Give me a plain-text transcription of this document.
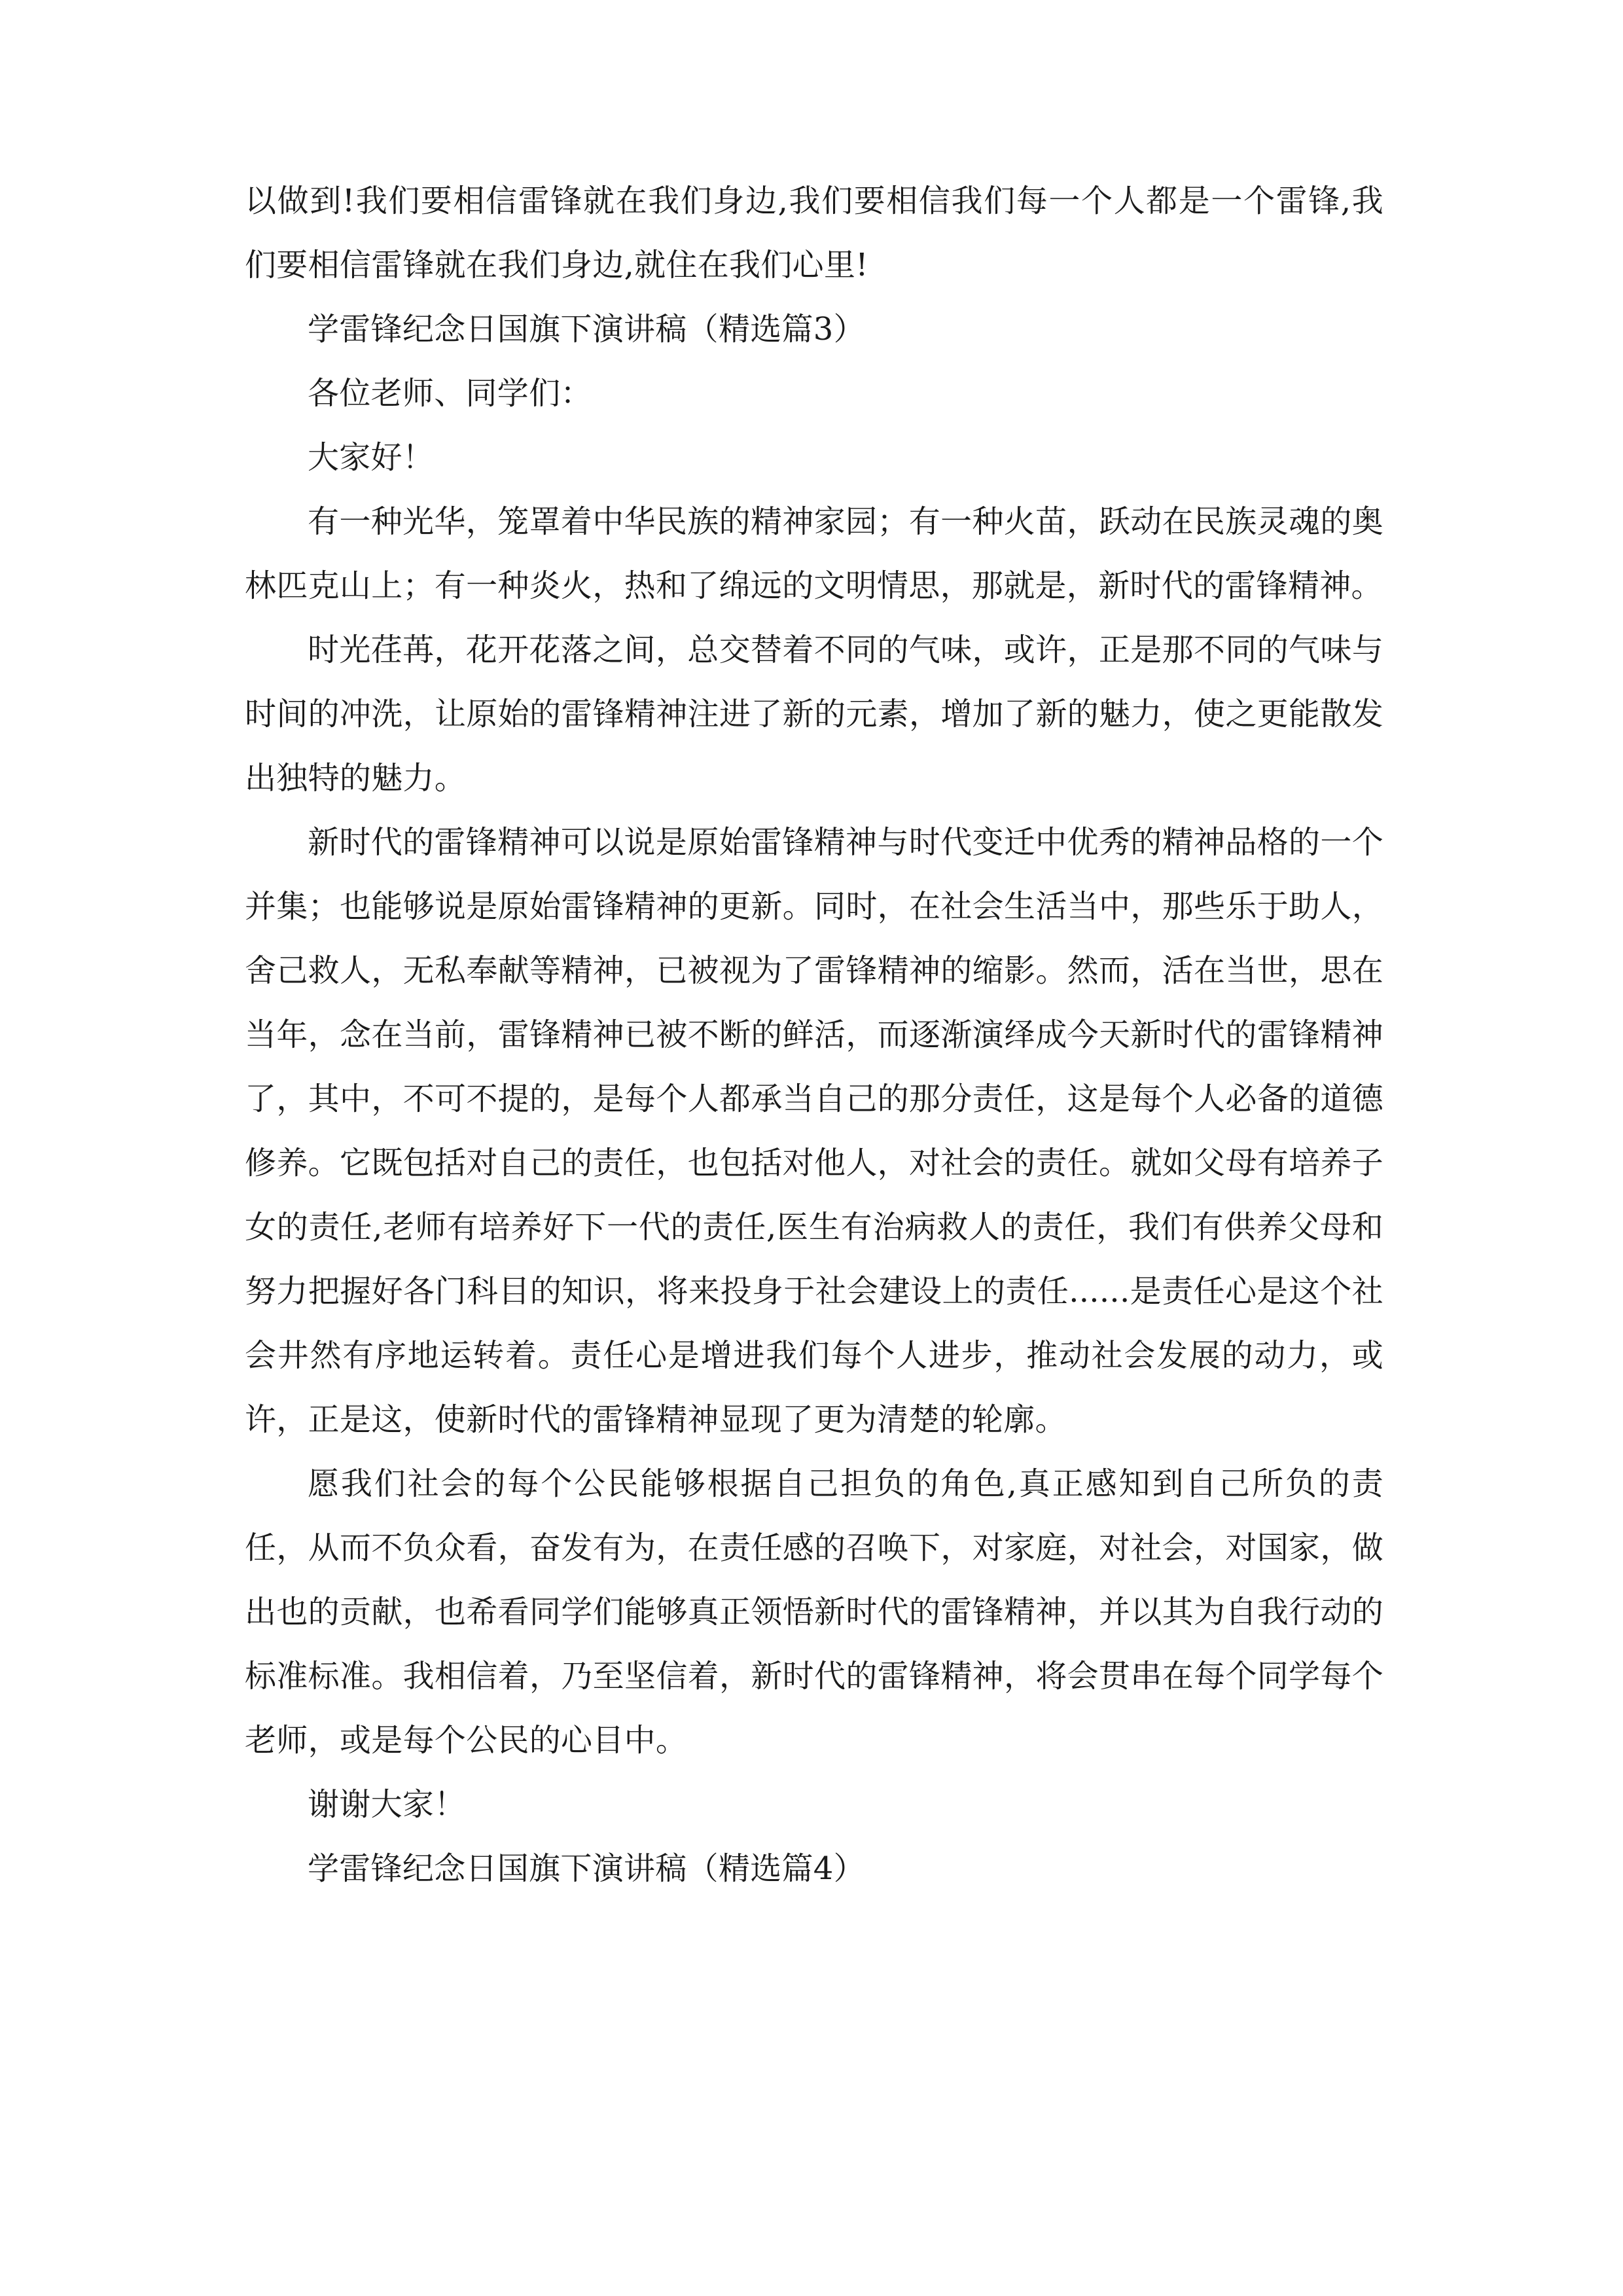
以做到!我们要相信雷锋就在我们身边,我们要相信我们每一个人都是一个雷锋,我们要相信雷锋就在我们身边,就住在我们心里!

学雷锋纪念日国旗下演讲稿（精选篇3）

各位老师、同学们：

大家好！

有一种光华，笼罩着中华民族的精神家园；有一种火苗，跃动在民族灵魂的奥林匹克山上；有一种炎火，热和了绵远的文明情思，那就是，新时代的雷锋精神。

时光荏苒，花开花落之间，总交替着不同的气味，或许，正是那不同的气味与时间的冲洗，让原始的雷锋精神注进了新的元素，增加了新的魅力，使之更能散发出独特的魅力。

新时代的雷锋精神可以说是原始雷锋精神与时代变迁中优秀的精神品格的一个并集；也能够说是原始雷锋精神的更新。同时，在社会生活当中，那些乐于助人，舍己救人，无私奉献等精神，已被视为了雷锋精神的缩影。然而，活在当世，思在当年，念在当前，雷锋精神已被不断的鲜活，而逐渐演绎成今天新时代的雷锋精神了，其中，不可不提的，是每个人都承当自己的那分责任，这是每个人必备的道德修养。它既包括对自己的责任，也包括对他人，对社会的责任。就如父母有培养子女的责任,老师有培养好下一代的责任,医生有治病救人的责任，我们有供养父母和努力把握好各门科目的知识，将来投身于社会建设上的责任......是责任心是这个社会井然有序地运转着。责任心是增进我们每个人进步，推动社会发展的动力，或许，正是这，使新时代的雷锋精神显现了更为清楚的轮廓。

愿我们社会的每个公民能够根据自己担负的角色,真正感知到自己所负的责任，从而不负众看，奋发有为，在责任感的召唤下，对家庭，对社会，对国家，做出也的贡献，也希看同学们能够真正领悟新时代的雷锋精神，并以其为自我行动的标准标准。我相信着，乃至坚信着，新时代的雷锋精神，将会贯串在每个同学每个老师，或是每个公民的心目中。

谢谢大家！

学雷锋纪念日国旗下演讲稿（精选篇4）
